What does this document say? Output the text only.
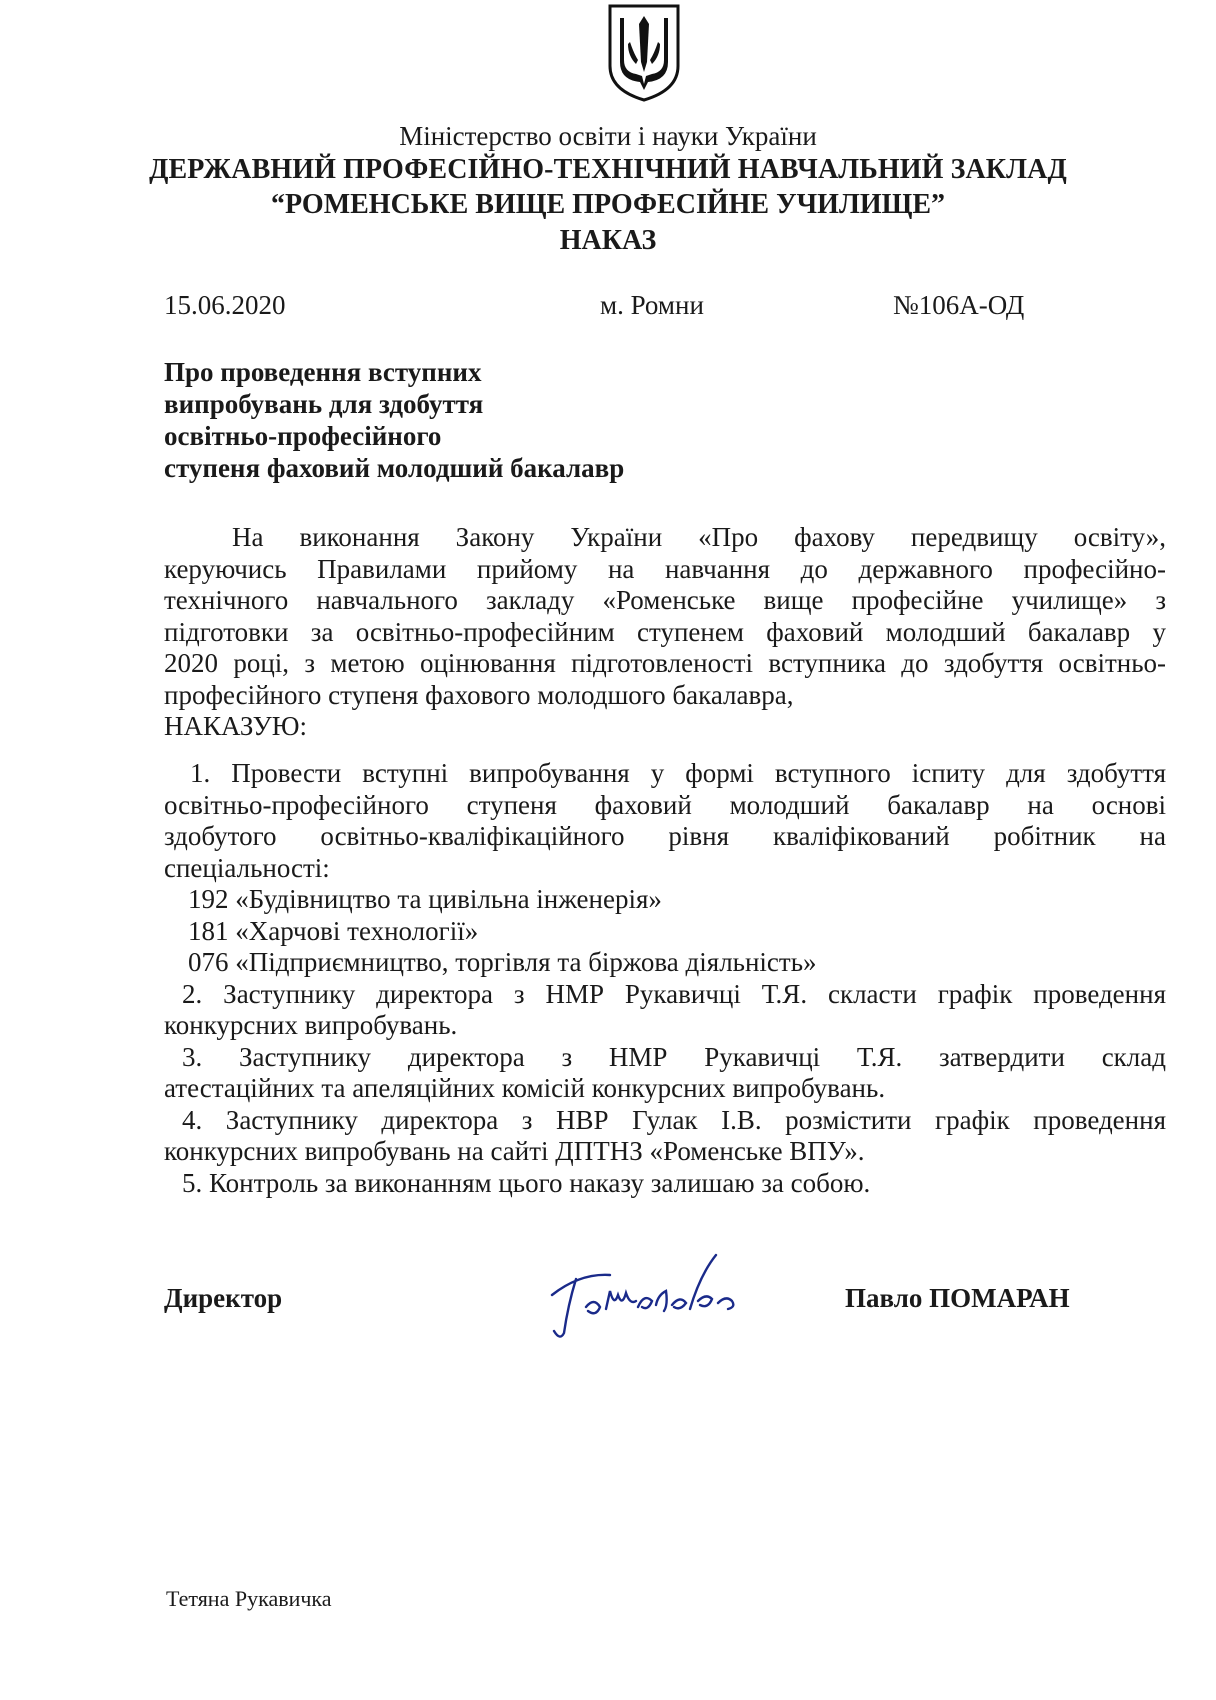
Міністерство освіти і науки України
ДЕРЖАВНИЙ ПРОФЕСІЙНО-ТЕХНІЧНИЙ НАВЧАЛЬНИЙ ЗАКЛАД
“РОМЕНСЬКЕ ВИЩЕ ПРОФЕСІЙНЕ УЧИЛИЩЕ”
НАКАЗ
15.06.2020	м. Ромни	№106А-ОД
Про проведення вступних
випробувань для здобуття
освітньо-професійного
ступеня фаховий молодший бакалавр
На виконання Закону України «Про фахову передвищу освіту»,
керуючись Правилами прийому на навчання до державного професійно-
технічного навчального закладу «Роменське вище професійне училище» з
підготовки за освітньо-професійним ступенем фаховий молодший бакалавр у
2020 році, з метою оцінювання підготовленості вступника до здобуття освітньо-
професійного ступеня фахового молодшого бакалавра,
НАКАЗУЮ:
1. Провести вступні випробування у формі вступного іспиту для здобуття
освітньо-професійного ступеня фаховий молодший бакалавр на основі
здобутого освітньо-кваліфікаційного рівня кваліфікований робітник на
спеціальності:
192 «Будівництво та цивільна інженерія»
181 «Харчові технології»
076 «Підприємництво, торгівля та біржова діяльність»
2. Заступнику директора з НМР Рукавичці Т.Я. скласти графік проведення
конкурсних випробувань.
3. Заступнику директора з НМР Рукавичці Т.Я. затвердити склад
атестаційних та апеляційних комісій конкурсних випробувань.
4. Заступнику директора з НВР Гулак І.В. розмістити графік проведення
конкурсних випробувань на сайті ДПТНЗ «Роменське ВПУ».
5. Контроль за виконанням цього наказу залишаю за собою.
Директор	Павло ПОМАРАН
Тетяна Рукавичка
